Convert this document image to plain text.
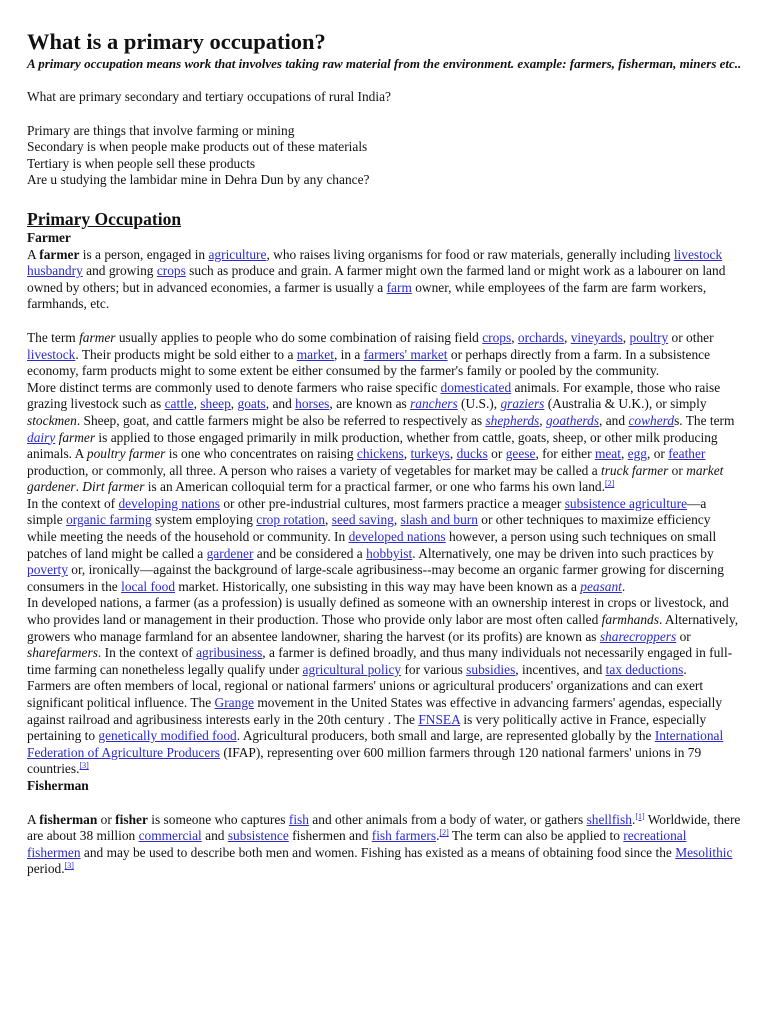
What is a primary occupation?

A primary occupation means work that involves taking raw material from the environment. example: farmers, fisherman, miners etc..

What are primary secondary and tertiary occupations of rural India?

Primary are things that involve farming or mining

Secondary is when people make products out of these materials

Tertiary is when people sell these products

Are u studying the lambidar mine in Dehra Dun by any chance?

Primary Occupation
Farmer

A farmer is a person, engaged in agriculture, who raises living organisms for food or raw materials, generally including livestock husbandry and growing crops such as produce and grain. A farmer might own the farmed land or might work as a labourer on land owned by others; but in advanced economies, a farmer is usually a farm owner, while employees of the farm are farm workers, farmhands, etc.

The term farmer usually applies to people who do some combination of raising field crops, orchards, vineyards, poultry or other livestock. Their products might be sold either to a market, in a farmers' market or perhaps directly from a farm. In a subsistence economy, farm products might to some extent be either consumed by the farmer's family or pooled by the community.

More distinct terms are commonly used to denote farmers who raise specific domesticated animals. For example, those who raise grazing livestock such as cattle, sheep, goats, and horses, are known as ranchers (U.S.), graziers (Australia & U.K.), or simply stockmen. Sheep, goat, and cattle farmers might be also be referred to respectively as shepherds, goatherds, and cowherds. The term dairy farmer is applied to those engaged primarily in milk production, whether from cattle, goats, sheep, or other milk producing animals. A poultry farmer is one who concentrates on raising chickens, turkeys, ducks or geese, for either meat, egg, or feather production, or commonly, all three. A person who raises a variety of vegetables for market may be called a truck farmer or market gardener. Dirt farmer is an American colloquial term for a practical farmer, or one who farms his own land.[2]

In the context of developing nations or other pre-industrial cultures, most farmers practice a meager subsistence agriculture—a simple organic farming system employing crop rotation, seed saving, slash and burn or other techniques to maximize efficiency while meeting the needs of the household or community. In developed nations however, a person using such techniques on small patches of land might be called a gardener and be considered a hobbyist. Alternatively, one may be driven into such practices by poverty or, ironically—against the background of large-scale agribusiness--may become an organic farmer growing for discerning consumers in the local food market. Historically, one subsisting in this way may have been known as a peasant.

In developed nations, a farmer (as a profession) is usually defined as someone with an ownership interest in crops or livestock, and who provides land or management in their production. Those who provide only labor are most often called farmhands. Alternatively, growers who manage farmland for an absentee landowner, sharing the harvest (or its profits) are known as sharecroppers or sharefarmers. In the context of agribusiness, a farmer is defined broadly, and thus many individuals not necessarily engaged in full-time farming can nonetheless legally qualify under agricultural policy for various subsidies, incentives, and tax deductions.

Farmers are often members of local, regional or national farmers' unions or agricultural producers' organizations and can exert significant political influence. The Grange movement in the United States was effective in advancing farmers' agendas, especially against railroad and agribusiness interests early in the 20th century . The FNSEA is very politically active in France, especially pertaining to genetically modified food. Agricultural producers, both small and large, are represented globally by the International Federation of Agriculture Producers (IFAP), representing over 600 million farmers through 120 national farmers' unions in 79 countries.[3]

Fisherman

A fisherman or fisher is someone who captures fish and other animals from a body of water, or gathers shellfish.[1] Worldwide, there are about 38 million commercial and subsistence fishermen and fish farmers.[2] The term can also be applied to recreational fishermen and may be used to describe both men and women. Fishing has existed as a means of obtaining food since the Mesolithic period.[3]
